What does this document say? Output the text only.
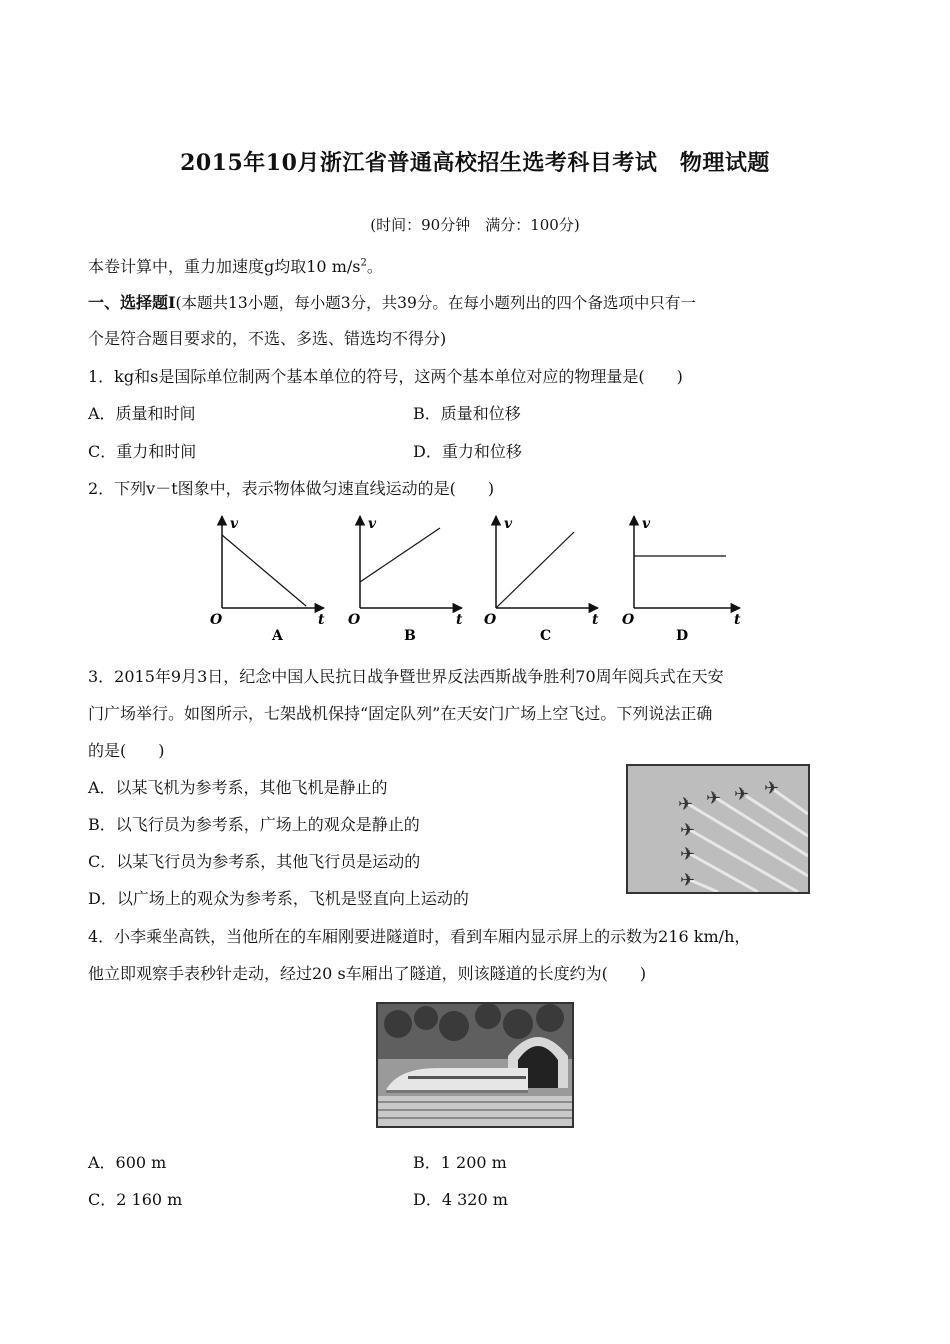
2015年10月浙江省普通高校招生选考科目考试　物理试题
(时间：90分钟　满分：100分)
本卷计算中，重力加速度g均取10 $m/s^2$。
一、选择题Ⅰ(本题共13小题，每小题3分，共39分。在每小题列出的四个备选项中只有一
个是符合题目要求的，不选、多选、错选均不得分)
1．kg和s是国际单位制两个基本单位的符号，这两个基本单位对应的物理量是(　　)
A．质量和时间	B．质量和位移
C．重力和时间	D．重力和位移
2．下列v－t图象中，表示物体做匀速直线运动的是(　　)
v
t
O
A
v
t
O
B
v
t
O
C
v
t
O
D
3．2015年9月3日，纪念中国人民抗日战争暨世界反法西斯战争胜利70周年阅兵式在天安
门广场举行。如图所示，七架战机保持“固定队列”在天安门广场上空飞过。下列说法正确
的是(　　)
A．以某飞机为参考系，其他飞机是静止的
B．以飞行员为参考系，广场上的观众是静止的
C．以某飞行员为参考系，其他飞行员是运动的
D．以广场上的观众为参考系，飞机是竖直向上运动的
✈ ✈ ✈ ✈
✈
✈
✈
4．小李乘坐高铁，当他所在的车厢刚要进隧道时，看到车厢内显示屏上的示数为216 km/h，
他立即观察手表秒针走动，经过20 s车厢出了隧道，则该隧道的长度约为(　　)
A．600 m	B．1 200 m
C．2 160 m	D．4 320 m
